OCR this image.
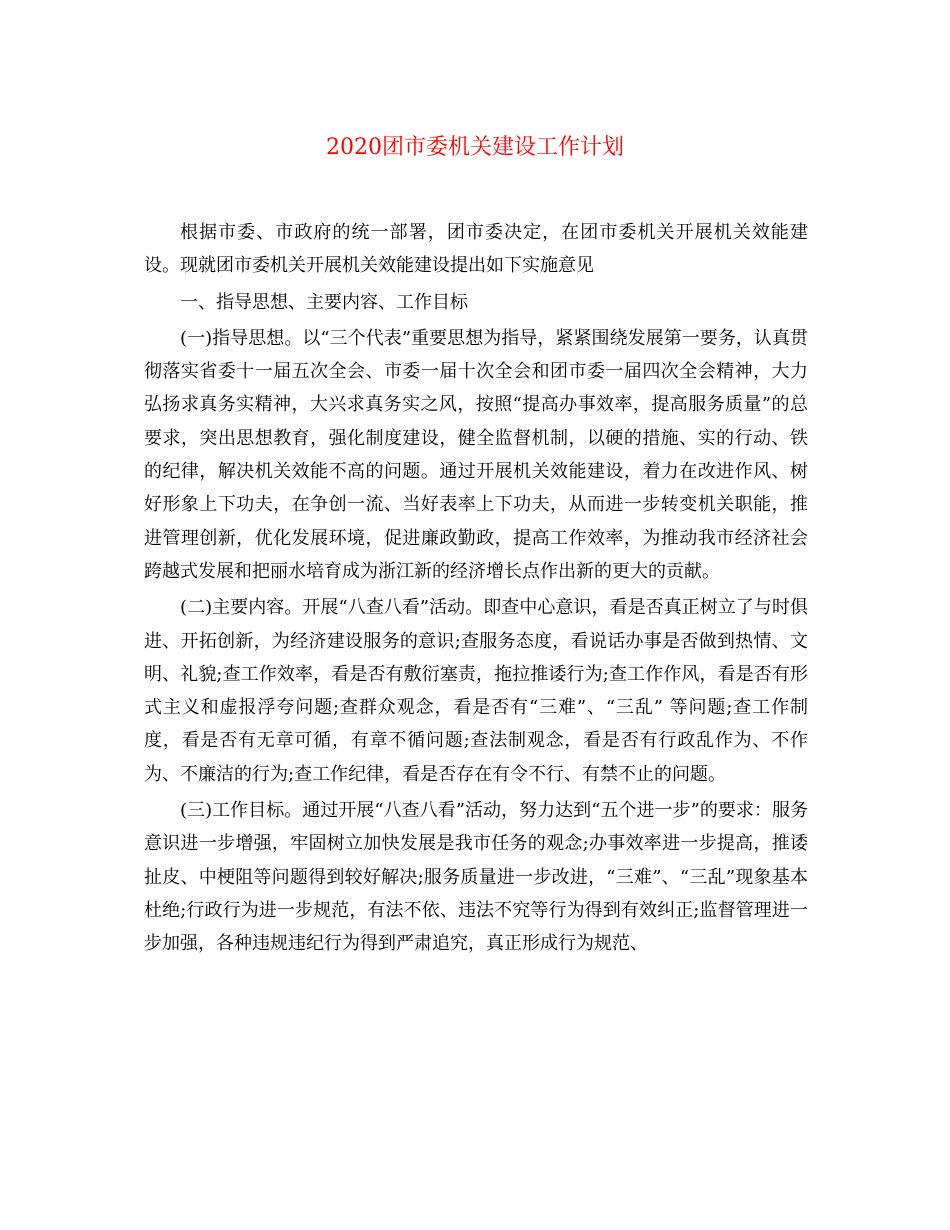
2020团市委机关建设工作计划

根据市委、市政府的统一部署，团市委决定，在团市委机关开展机关效能建设。现就团市委机关开展机关效能建设提出如下实施意见

一、指导思想、主要内容、工作目标

(一)指导思想。以“三个代表”重要思想为指导，紧紧围绕发展第一要务，认真贯彻落实省委十一届五次全会、市委一届十次全会和团市委一届四次全会精神，大力弘扬求真务实精神，大兴求真务实之风，按照“提高办事效率，提高服务质量”的总要求，突出思想教育，强化制度建设，健全监督机制，以硬的措施、实的行动、铁的纪律，解决机关效能不高的问题。通过开展机关效能建设，着力在改进作风、树好形象上下功夫，在争创一流、当好表率上下功夫，从而进一步转变机关职能，推进管理创新，优化发展环境，促进廉政勤政，提高工作效率，为推动我市经济社会跨越式发展和把丽水培育成为浙江新的经济增长点作出新的更大的贡献。

(二)主要内容。开展“八查八看”活动。即查中心意识，看是否真正树立了与时俱进、开拓创新，为经济建设服务的意识;查服务态度，看说话办事是否做到热情、文明、礼貌;查工作效率，看是否有敷衍塞责，拖拉推诿行为;查工作作风，看是否有形式主义和虚报浮夸问题;查群众观念，看是否有“三难”、“三乱” 等问题;查工作制度，看是否有无章可循，有章不循问题;查法制观念，看是否有行政乱作为、不作为、不廉洁的行为;查工作纪律，看是否存在有令不行、有禁不止的问题。

(三)工作目标。通过开展“八查八看”活动，努力达到“五个进一步”的要求：服务意识进一步增强，牢固树立加快发展是我市任务的观念;办事效率进一步提高，推诿扯皮、中梗阻等问题得到较好解决;服务质量进一步改进，“三难”、“三乱”现象基本杜绝;行政行为进一步规范，有法不依、违法不究等行为得到有效纠正;监督管理进一步加强，各种违规违纪行为得到严肃追究，真正形成行为规范、
